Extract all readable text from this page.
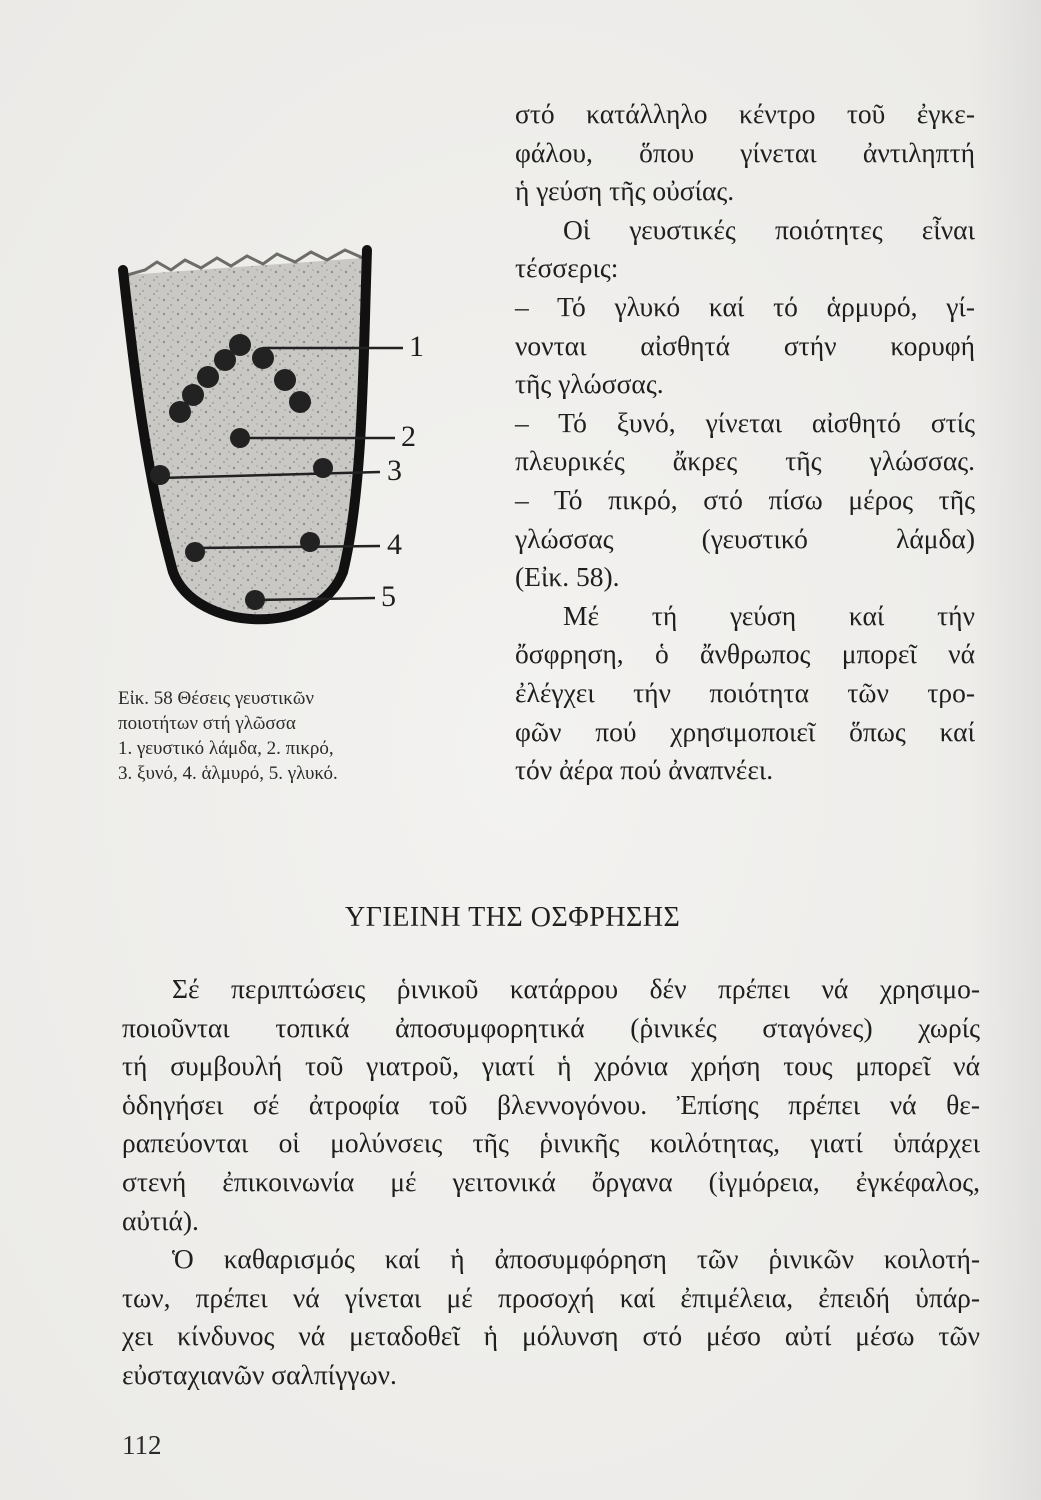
1
2
3
4
5
Εἰκ. 58 Θέσεις γευστικῶν
ποιοτήτων στή γλῶσσα
1. γευστικό λάμδα, 2. πικρό,
3. ξυνό, 4. ἁλμυρό, 5. γλυκό.
στό κατάλληλο κέντρο τοῦ ἐγκε-
φάλου, ὅπου γίνεται ἀντιληπτή
ἡ γεύση τῆς οὐσίας.
Οἱ γευστικές ποιότητες εἶναι
τέσσερις:
– Τό γλυκό καί τό ἁρμυρό, γί-
νονται αἰσθητά στήν κορυφή
τῆς γλώσσας.
– Τό ξυνό, γίνεται αἰσθητό στίς
πλευρικές ἄκρες τῆς γλώσσας.
– Τό πικρό, στό πίσω μέρος τῆς
γλώσσας (γευστικό λάμδα)
(Εἰκ. 58).
Μέ τή γεύση καί τήν
ὄσφρηση, ὁ ἄνθρωπος μπορεῖ νά
ἐλέγχει τήν ποιότητα τῶν τρο-
φῶν πού χρησιμοποιεῖ ὅπως καί
τόν ἀέρα πού ἀναπνέει.
ΥΓΙΕΙΝΗ ΤΗΣ ΟΣΦΡΗΣΗΣ
Σέ περιπτώσεις ῥινικοῦ κατάρρου δέν πρέπει νά χρησιμο-
ποιοῦνται τοπικά ἀποσυμφορητικά (ῥινικές σταγόνες) χωρίς
τή συμβουλή τοῦ γιατροῦ, γιατί ἡ χρόνια χρήση τους μπορεῖ νά
ὁδηγήσει σέ ἀτροφία τοῦ βλεννογόνου. Ἐπίσης πρέπει νά θε-
ραπεύονται οἱ μολύνσεις τῆς ῥινικῆς κοιλότητας, γιατί ὑπάρχει
στενή ἐπικοινωνία μέ γειτονικά ὄργανα (ἰγμόρεια, ἐγκέφαλος,
αὐτιά).
Ὁ καθαρισμός καί ἡ ἀποσυμφόρηση τῶν ῥινικῶν κοιλοτή-
των, πρέπει νά γίνεται μέ προσοχή καί ἐπιμέλεια, ἐπειδή ὑπάρ-
χει κίνδυνος νά μεταδοθεῖ ἡ μόλυνση στό μέσο αὐτί μέσω τῶν
εὐσταχιανῶν σαλπίγγων.
112
